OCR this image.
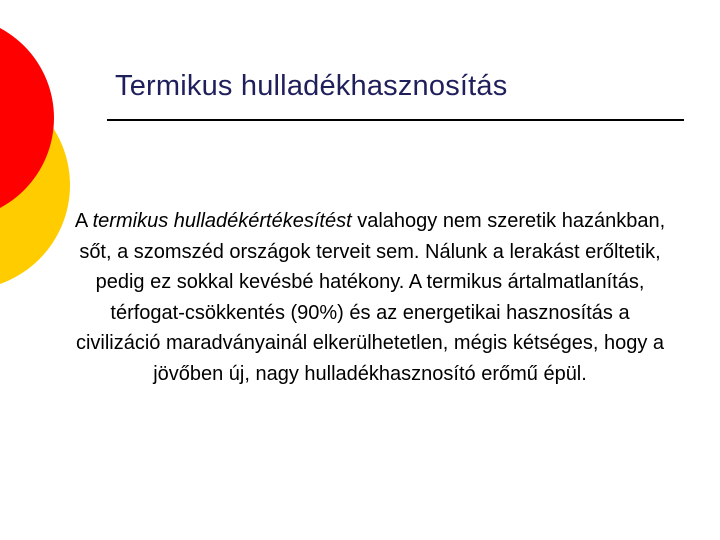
Termikus hulladékhasznosítás

A termikus hulladékértékesítést valahogy nem szeretik hazánkban, sőt, a szomszéd országok terveit sem. Nálunk a lerakást erőltetik, pedig ez sokkal kevésbé hatékony. A termikus ártalmatlanítás, térfogat-csökkentés (90%) és az energetikai hasznosítás a civilizáció maradványainál elkerülhetetlen, mégis kétséges, hogy a jövőben új, nagy hulladékhasznosító erőmű épül.
